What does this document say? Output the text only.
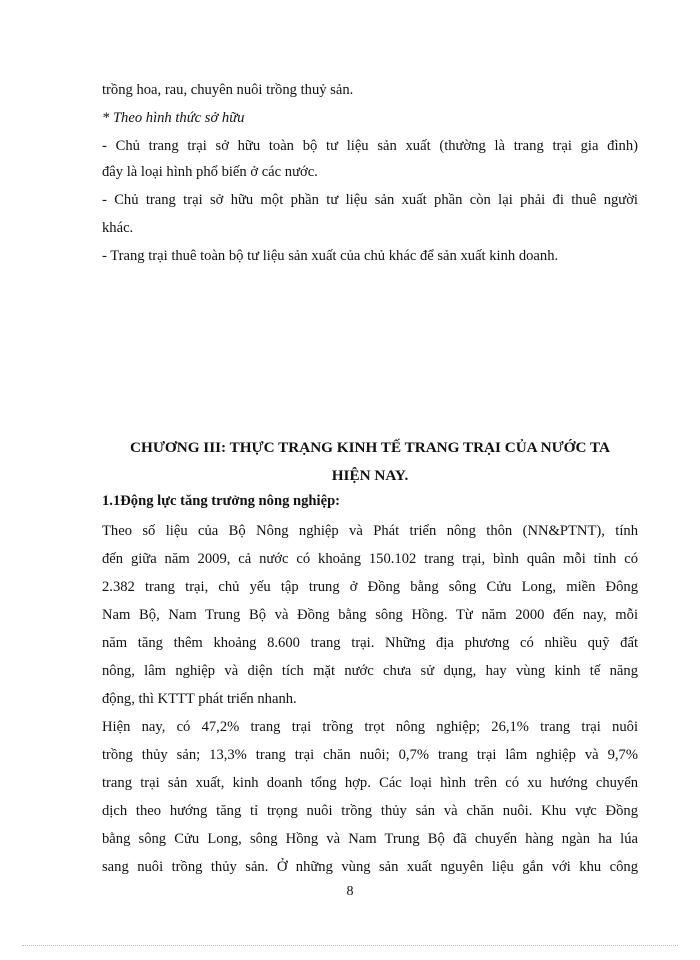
trồng hoa, rau, chuyên nuôi trồng thuỷ sản.
* Theo hình thức sở hữu
- Chủ trang trại sở hữu toàn bộ tư liệu sản xuất (thường là trang trại gia đình)
đây là loại hình phổ biến ở các nước.
- Chủ trang trại sở hữu một phần tư liệu sản xuất phần còn lại phải đi thuê người
khác.
- Trang trại thuê toàn bộ tư liệu sản xuất của chủ khác để sản xuất kinh doanh.
CHƯƠNG III: THỰC TRẠNG KINH TẾ TRANG TRẠI CỦA NƯỚC TA
HIỆN NAY.
1.1Động lực tăng trưởng nông nghiệp:
Theo số liệu của Bộ Nông nghiệp và Phát triển nông thôn (NN&PTNT), tính
đến giữa năm 2009, cả nước có khoảng 150.102 trang trại, bình quân mỗi tỉnh có
2.382 trang trại, chủ yếu tập trung ở Đồng bằng sông Cửu Long, miền Đông
Nam Bộ, Nam Trung Bộ và Đồng bằng sông Hồng. Từ năm 2000 đến nay, mỗi
năm tăng thêm khoảng 8.600 trang trại. Những địa phương có nhiều quỹ đất
nông, lâm nghiệp và diện tích mặt nước chưa sử dụng, hay vùng kinh tế năng
động, thì KTTT phát triển nhanh.
Hiện nay, có 47,2% trang trại trồng trọt nông nghiệp; 26,1% trang trại nuôi
trồng thủy sản; 13,3% trang trại chăn nuôi; 0,7% trang trại lâm nghiệp và 9,7%
trang trại sản xuất, kinh doanh tổng hợp. Các loại hình trên có xu hướng chuyển
dịch theo hướng tăng tỉ trọng nuôi trồng thủy sản và chăn nuôi. Khu vực Đồng
bằng sông Cửu Long, sông Hồng và Nam Trung Bộ đã chuyển hàng ngàn ha lúa
sang nuôi trồng thủy sản. Ở những vùng sản xuất nguyên liệu gắn với khu công
8
